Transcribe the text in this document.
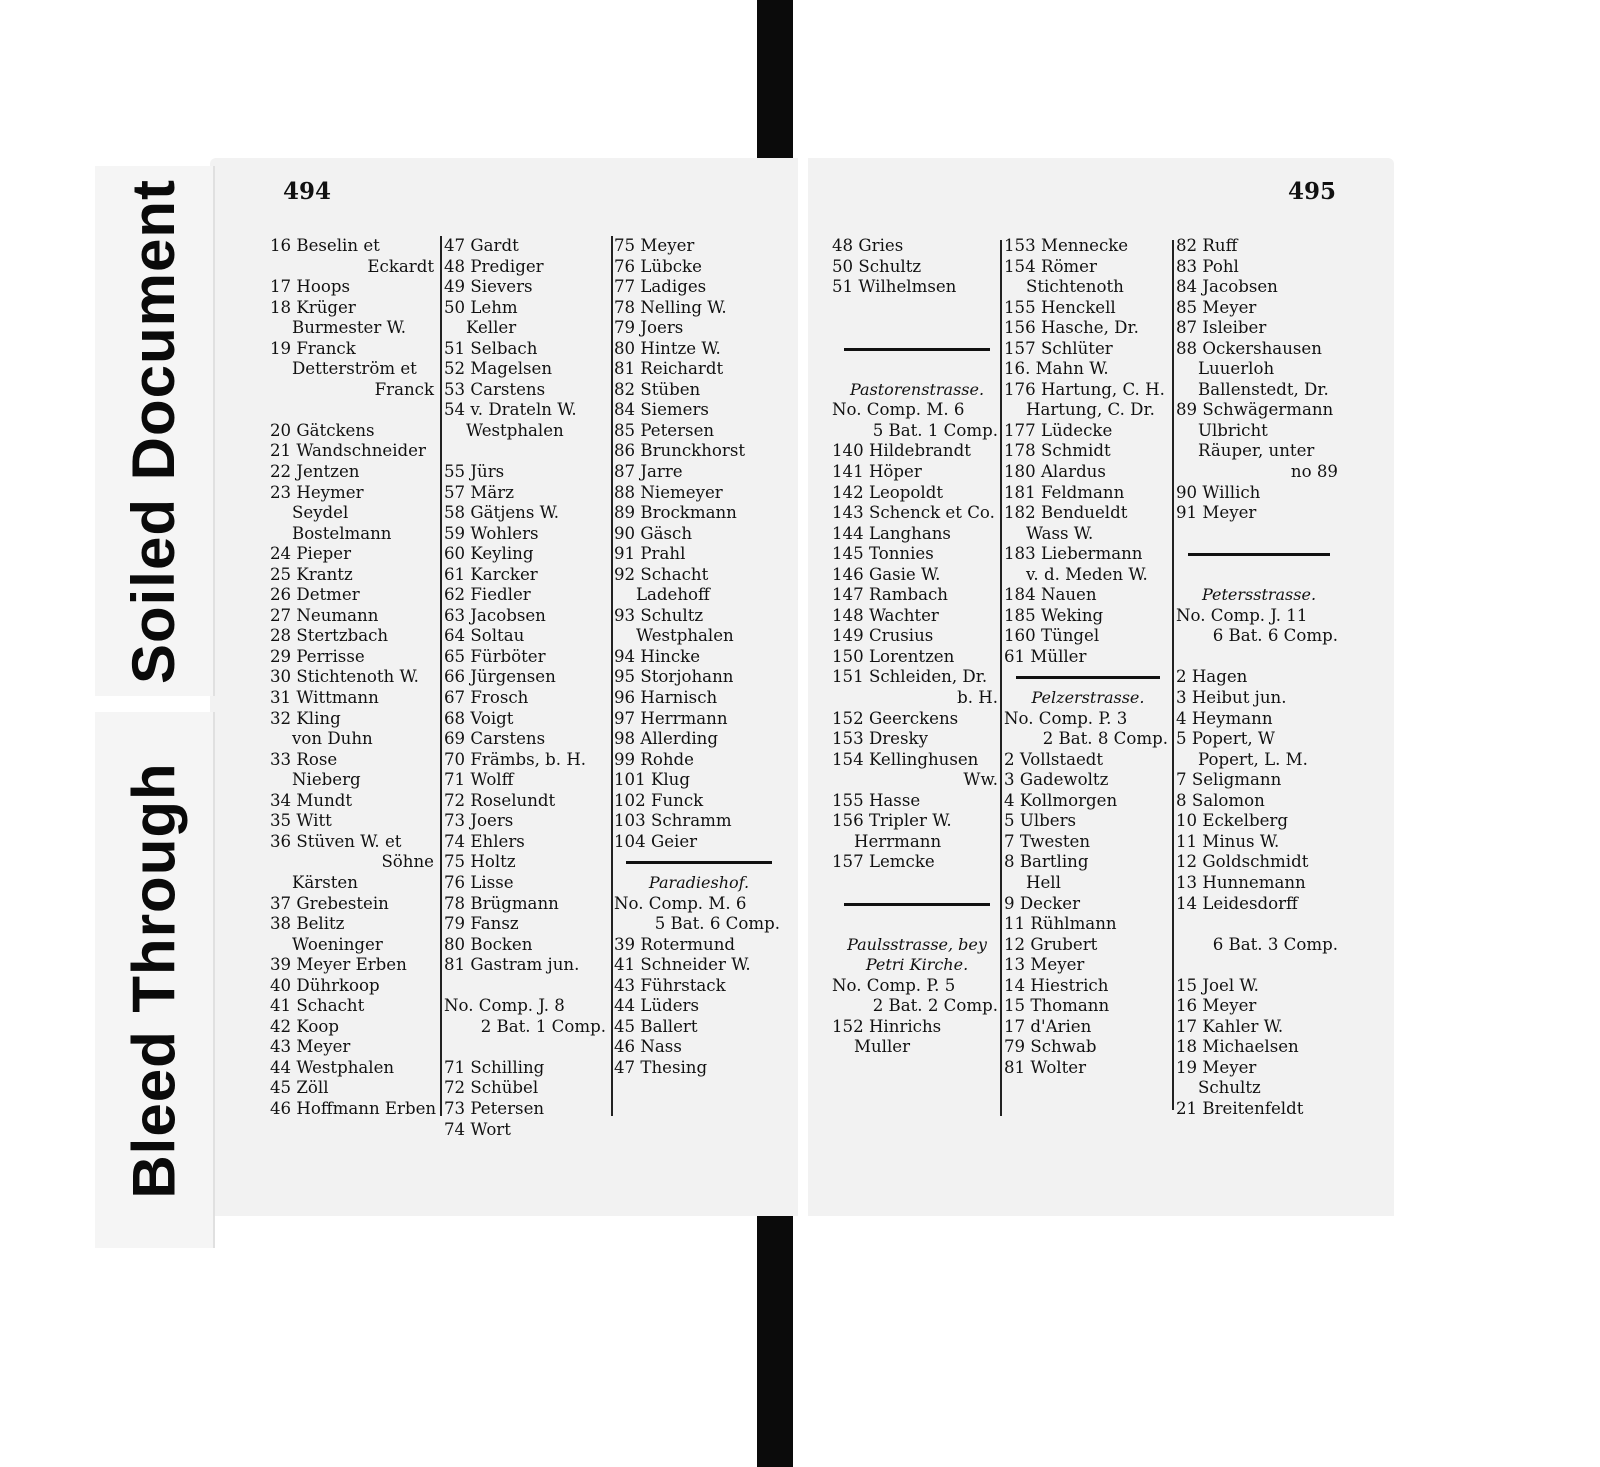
Soiled Document
Bleed Through
494	495
16 Beselin et
Eckardt
17 Hoops
18 Krüger
Burmester W.
19 Franck
Detterström et
Franck
20 Gätckens
21 Wandschneider
22 Jentzen
23 Heymer
Seydel
Bostelmann
24 Pieper
25 Krantz
26 Detmer
27 Neumann
28 Stertzbach
29 Perrisse
30 Stichtenoth W.
31 Wittmann
32 Kling
von Duhn
33 Rose
Nieberg
34 Mundt
35 Witt
36 Stüven W. et
Söhne
Kärsten
37 Grebestein
38 Belitz
Woeninger
39 Meyer Erben
40 Dührkoop
41 Schacht
42 Koop
43 Meyer
44 Westphalen
45 Zöll
46 Hoffmann Erben
47 Gardt
48 Prediger
49 Sievers
50 Lehm
Keller
51 Selbach
52 Magelsen
53 Carstens
54 v. Drateln W.
Westphalen
55 Jürs
57 März
58 Gätjens W.
59 Wohlers
60 Keyling
61 Karcker
62 Fiedler
63 Jacobsen
64 Soltau
65 Fürböter
66 Jürgensen
67 Frosch
68 Voigt
69 Carstens
70 Främbs, b. H.
71 Wolff
72 Roselundt
73 Joers
74 Ehlers
75 Holtz
76 Lisse
78 Brügmann
79 Fansz
80 Bocken
81 Gastram jun.
No. Comp. J. 8
2 Bat. 1 Comp.
71 Schilling
72 Schübel
73 Petersen
74 Wort
75 Meyer
76 Lübcke
77 Ladiges
78 Nelling W.
79 Joers
80 Hintze W.
81 Reichardt
82 Stüben
84 Siemers
85 Petersen
86 Brunckhorst
87 Jarre
88 Niemeyer
89 Brockmann
90 Gäsch
91 Prahl
92 Schacht
Ladehoff
93 Schultz
Westphalen
94 Hincke
95 Storjohann
96 Harnisch
97 Herrmann
98 Allerding
99 Rohde
101 Klug
102 Funck
103 Schramm
104 Geier
Paradieshof.
No. Comp. M. 6
5 Bat. 6 Comp.
39 Rotermund
41 Schneider W.
43 Führstack
44 Lüders
45 Ballert
46 Nass
47 Thesing
48 Gries
50 Schultz
51 Wilhelmsen
Pastorenstrasse.
No. Comp. M. 6
5 Bat. 1 Comp.
140 Hildebrandt
141 Höper
142 Leopoldt
143 Schenck et Co.
144 Langhans
145 Tonnies
146 Gasie W.
147 Rambach
148 Wachter
149 Crusius
150 Lorentzen
151 Schleiden, Dr.
b. H.
152 Geerckens
153 Dresky
154 Kellinghusen
Ww.
155 Hasse
156 Tripler W.
Herrmann
157 Lemcke
Paulsstrasse, bey
Petri Kirche.
No. Comp. P. 5
2 Bat. 2 Comp.
152 Hinrichs
Muller
153 Mennecke
154 Römer
Stichtenoth
155 Henckell
156 Hasche, Dr.
157 Schlüter
16. Mahn W.
176 Hartung, C. H.
Hartung, C. Dr.
177 Lüdecke
178 Schmidt
180 Alardus
181 Feldmann
182 Bendueldt
Wass W.
183 Liebermann
v. d. Meden W.
184 Nauen
185 Weking
160 Tüngel
61 Müller
Pelzerstrasse.
No. Comp. P. 3
2 Bat. 8 Comp.
2 Vollstaedt
3 Gadewoltz
4 Kollmorgen
5 Ulbers
7 Twesten
8 Bartling
Hell
9 Decker
11 Rühlmann
12 Grubert
13 Meyer
14 Hiestrich
15 Thomann
17 d'Arien
79 Schwab
81 Wolter
82 Ruff
83 Pohl
84 Jacobsen
85 Meyer
87 Isleiber
88 Ockershausen
Luuerloh
Ballenstedt, Dr.
89 Schwägermann
Ulbricht
Räuper, unter
no 89
90 Willich
91 Meyer
Petersstrasse.
No. Comp. J. 11
6 Bat. 6 Comp.
2 Hagen
3 Heibut jun.
4 Heymann
5 Popert, W
Popert, L. M.
7 Seligmann
8 Salomon
10 Eckelberg
11 Minus W.
12 Goldschmidt
13 Hunnemann
14 Leidesdorff
6 Bat. 3 Comp.
15 Joel W.
16 Meyer
17 Kahler W.
18 Michaelsen
19 Meyer
Schultz
21 Breitenfeldt
